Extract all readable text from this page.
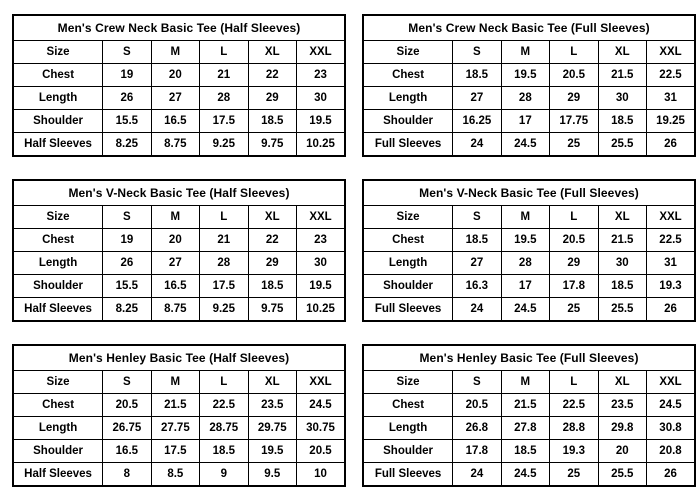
Men's Crew Neck Basic Tee (Half Sleeves)					
Size	S	M	L	XL	XXL
Chest	19	20	21	22	23
Length	26	27	28	29	30
Shoulder	15.5	16.5	17.5	18.5	19.5
Half Sleeves	8.25	8.75	9.25	9.75	10.25
Men's Crew Neck Basic Tee (Full Sleeves)					
Size	S	M	L	XL	XXL
Chest	18.5	19.5	20.5	21.5	22.5
Length	27	28	29	30	31
Shoulder	16.25	17	17.75	18.5	19.25
Full Sleeves	24	24.5	25	25.5	26
Men's V-Neck Basic Tee (Half Sleeves)					
Size	S	M	L	XL	XXL
Chest	19	20	21	22	23
Length	26	27	28	29	30
Shoulder	15.5	16.5	17.5	18.5	19.5
Half Sleeves	8.25	8.75	9.25	9.75	10.25
Men's V-Neck Basic Tee (Full Sleeves)					
Size	S	M	L	XL	XXL
Chest	18.5	19.5	20.5	21.5	22.5
Length	27	28	29	30	31
Shoulder	16.3	17	17.8	18.5	19.3
Full Sleeves	24	24.5	25	25.5	26
Men's Henley Basic Tee (Half Sleeves)					
Size	S	M	L	XL	XXL
Chest	20.5	21.5	22.5	23.5	24.5
Length	26.75	27.75	28.75	29.75	30.75
Shoulder	16.5	17.5	18.5	19.5	20.5
Half Sleeves	8	8.5	9	9.5	10
Men's Henley Basic Tee (Full Sleeves)					
Size	S	M	L	XL	XXL
Chest	20.5	21.5	22.5	23.5	24.5
Length	26.8	27.8	28.8	29.8	30.8
Shoulder	17.8	18.5	19.3	20	20.8
Full Sleeves	24	24.5	25	25.5	26
